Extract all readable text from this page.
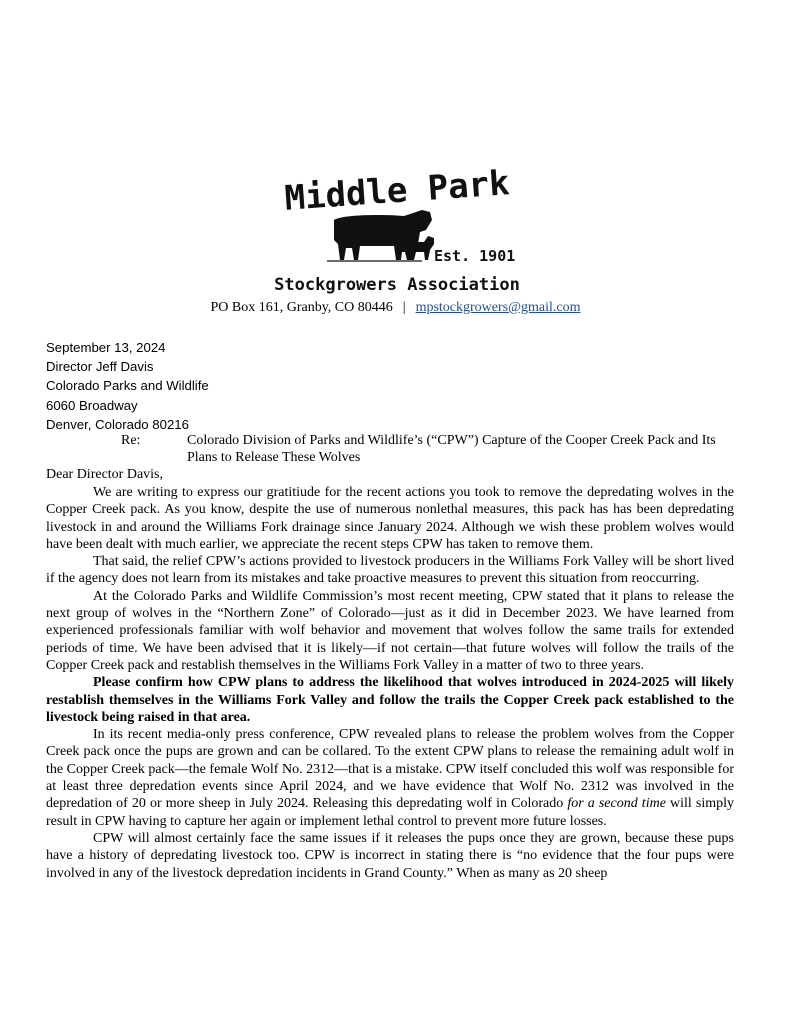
Middle Park
Est. 1901
Stockgrowers Association
PO Box 161, Granby, CO 80446 | mpstockgrowers@gmail.com
September 13, 2024
Director Jeff Davis
Colorado Parks and Wildlife
6060 Broadway
Denver, Colorado 80216
Re:	Colorado Division of Parks and Wildlife’s (“CPW”) Capture of the Cooper Creek Pack and Its Plans to Release These Wolves
Dear Director Davis,

We are writing to express our gratitiude for the recent actions you took to remove the depredating wolves in the Copper Creek pack. As you know, despite the use of numerous nonlethal measures, this pack has has been depredating livestock in and around the Williams Fork drainage since January 2024. Although we wish these problem wolves would have been dealt with much earlier, we appreciate the recent steps CPW has taken to remove them.

That said, the relief CPW’s actions provided to livestock producers in the Williams Fork Valley will be short lived if the agency does not learn from its mistakes and take proactive measures to prevent this situation from reoccurring.

At the Colorado Parks and Wildlife Commission’s most recent meeting, CPW stated that it plans to release the next group of wolves in the “Northern Zone” of Colorado—just as it did in December 2023. We have learned from experienced professionals familiar with wolf behavior and movement that wolves follow the same trails for extended periods of time. We have been advised that it is likely—if not certain—that future wolves will follow the trails of the Copper Creek pack and restablish themselves in the Williams Fork Valley in a matter of two to three years.

Please confirm how CPW plans to address the likelihood that wolves introduced in 2024-2025 will likely restablish themselves in the Williams Fork Valley and follow the trails the Copper Creek pack established to the livestock being raised in that area.

In its recent media-only press conference, CPW revealed plans to release the problem wolves from the Copper Creek pack once the pups are grown and can be collared. To the extent CPW plans to release the remaining adult wolf in the Copper Creek pack—the female Wolf No. 2312—that is a mistake. CPW itself concluded this wolf was responsible for at least three depredation events since April 2024, and we have evidence that Wolf No. 2312 was involved in the depredation of 20 or more sheep in July 2024. Releasing this depredating wolf in Colorado for a second time will simply result in CPW having to capture her again or implement lethal control to prevent more future losses.

CPW will almost certainly face the same issues if it releases the pups once they are grown, because these pups have a history of depredating livestock too. CPW is incorrect in stating there is “no evidence that the four pups were involved in any of the livestock depredation incidents in Grand County.” When as many as 20 sheep
